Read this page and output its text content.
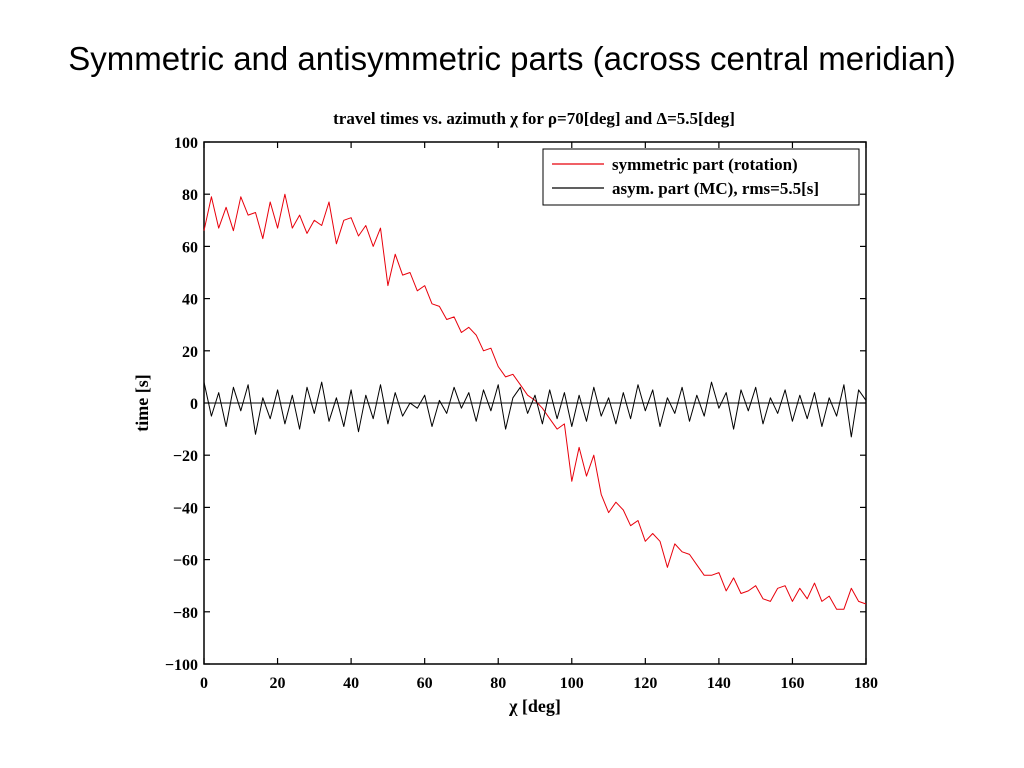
Symmetric and antisymmetric parts (across central meridian)
travel times vs. azimuth χ for ρ=70[deg] and Δ=5.5[deg]
0	20	40	60	80	100	120	140	160	180
100
80
60
40
20
0
−20
−40
−60
−80
−100
symmetric part (rotation)
asym. part (MC), rms=5.5[s]
χ [deg]
time [s]
